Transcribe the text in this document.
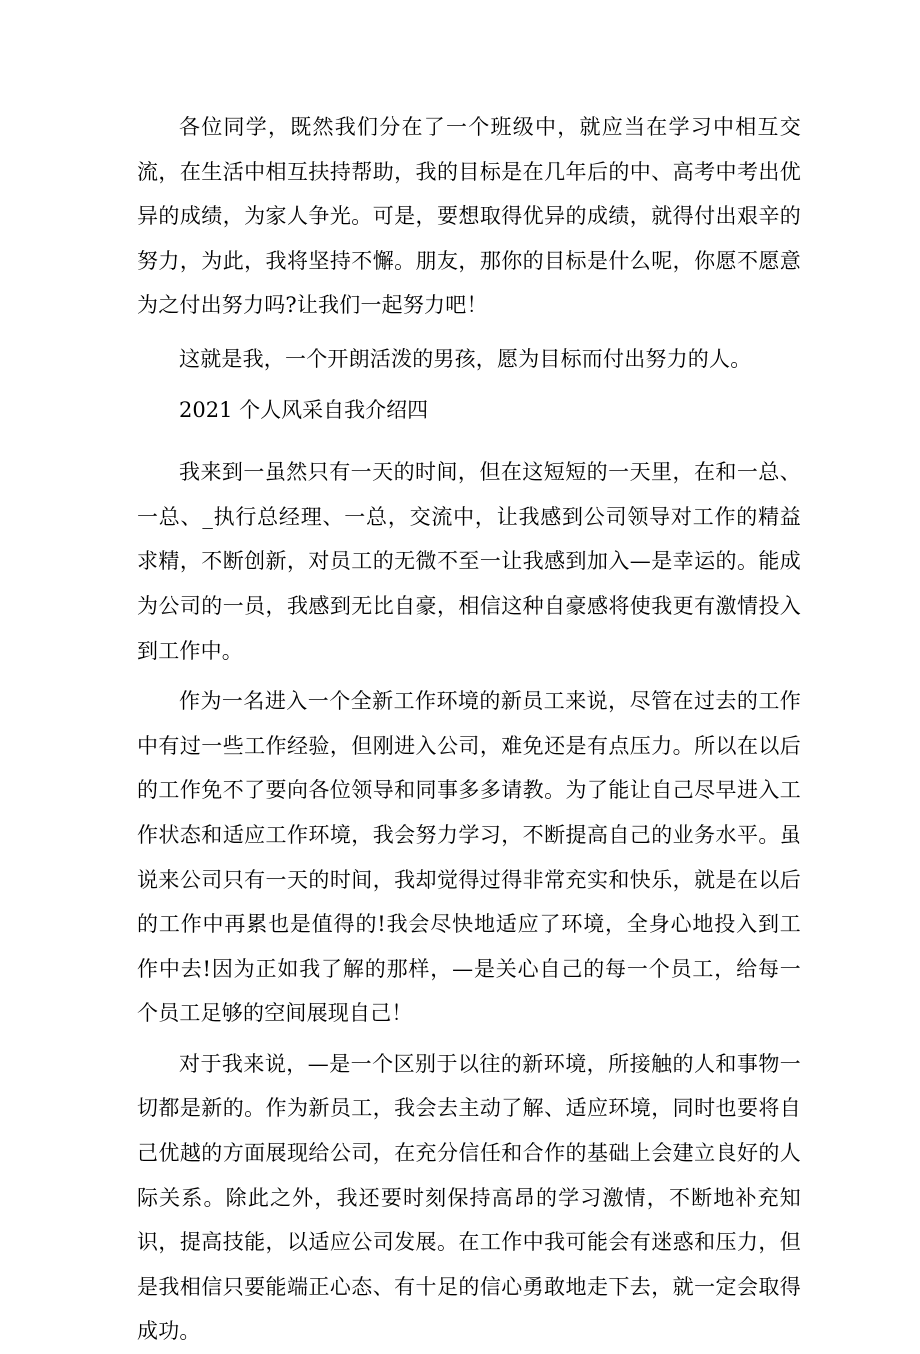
各位同学，既然我们分在了一个班级中，就应当在学习中相互交流，在生活中相互扶持帮助，我的目标是在几年后的中、高考中考出优异的成绩，为家人争光。可是，要想取得优异的成绩，就得付出艰辛的努力，为此，我将坚持不懈。朋友，那你的目标是什么呢，你愿不愿意为之付出努力吗?让我们一起努力吧！

这就是我，一个开朗活泼的男孩，愿为目标而付出努力的人。

2021 个人风采自我介绍四

我来到一虽然只有一天的时间，但在这短短的一天里，在和一总、一总、_执行总经理、一总，交流中，让我感到公司领导对工作的精益求精，不断创新，对员工的无微不至一让我感到加入—是幸运的。能成为公司的一员，我感到无比自豪，相信这种自豪感将使我更有激情投入到工作中。

作为一名进入一个全新工作环境的新员工来说，尽管在过去的工作中有过一些工作经验，但刚进入公司，难免还是有点压力。所以在以后的工作免不了要向各位领导和同事多多请教。为了能让自己尽早进入工作状态和适应工作环境，我会努力学习，不断提高自己的业务水平。虽说来公司只有一天的时间，我却觉得过得非常充实和快乐，就是在以后的工作中再累也是值得的!我会尽快地适应了环境，全身心地投入到工作中去!因为正如我了解的那样，—是关心自己的每一个员工，给每一个员工足够的空间展现自己！

对于我来说，—是一个区别于以往的新环境，所接触的人和事物一切都是新的。作为新员工，我会去主动了解、适应环境，同时也要将自己优越的方面展现给公司，在充分信任和合作的基础上会建立良好的人际关系。除此之外，我还要时刻保持高昂的学习激情，不断地补充知识，提高技能，以适应公司发展。在工作中我可能会有迷惑和压力，但是我相信只要能端正心态、有十足的信心勇敢地走下去，就一定会取得成功。
